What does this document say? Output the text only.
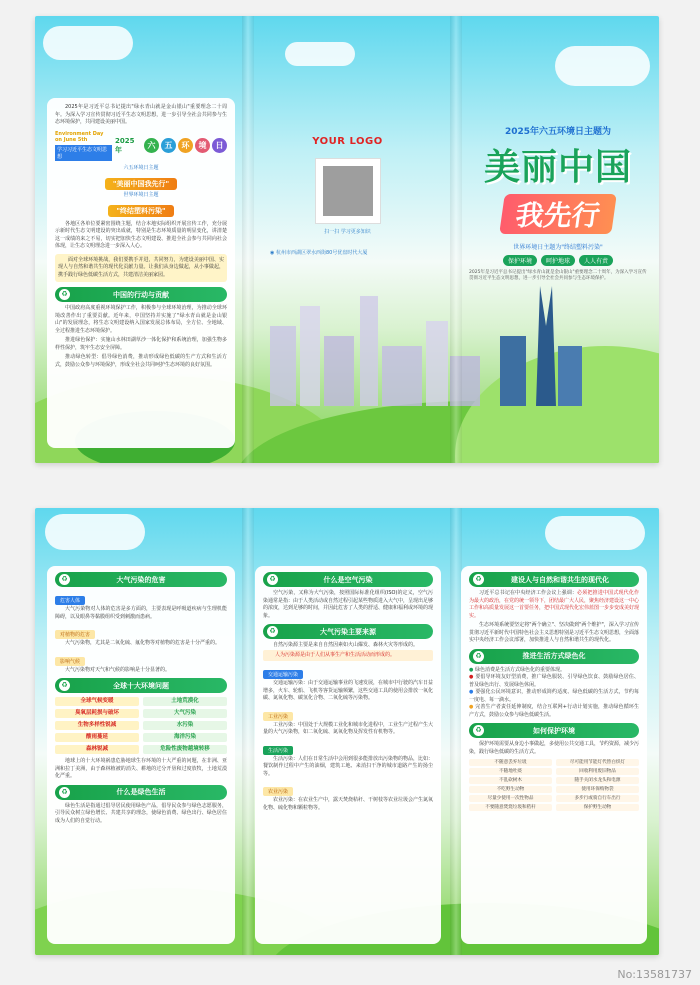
2025年是习近平总书记提出"绿水青山就是金山银山"重要理念二十周年。为深入学习宣传贯彻习近平生态文明思想，进一步引导全社会共同参与生态环境保护，共同建设美丽中国。
Environment Day on June 5th
学习习近平生态文明思想
2025年	六	五	环	境	日
六五环境日主题
"美丽中国我先行"
世界环境日主题
"终结塑料污染"
各地区各单位要紧密围绕主题，结合本地实际组织开展宣传工作，充分展示新时代生态文明建设的突出成就，特别是生态环境质量的明显变化，讲清楚这一成绩的来之不易，切实把加快生态文明建设、推进全社会参与共同向社会体现，让生态文明理念进一步深入人心。
面对全球环境挑战，我们要携手并进，共同努力，为建设美丽中国、实现人与自然和谐共生的现代化贡献力量。让我们从身边做起，从小事做起，携手践行绿色低碳生活方式，共建清洁美丽家园。
♻	中国的行动与贡献
中国政府高度重视环境保护工作，积极参与全球环境治理，为推动全球环境改善作出了重要贡献。近年来，中国坚持并实施了"绿水青山就是金山银山"的发展理念，将生态文明建设纳入国家发展总体布局，全方位、全地域、全过程推进生态环境保护。
推进绿色保护：实施山水林田湖草沙一体化保护和系统治理，加强生物多样性保护，筑牢生态安全屏障。
推动绿色转型：倡导绿色消费，推动形成绿色低碳的生产方式和生活方式，鼓励公众参与环境保护，形成全社会共同呵护生态环境的良好氛围。
YOUR LOGO
扫一扫 学习更多知识
◉ 杭州市西湖区翠水西街80号优盘时代大厦
2025年六五环境日主题为
美丽中国
我先行
世界环境日主题为"终结塑料污染"
保护环境	呵护地球	人人有责
2025年是习近平总书记提出"绿水青山就是金山银山"重要理念二十周年，为深入学习宣传贯彻习近平生态文明思想，进一步引导全社会共同参与生态环境保护。
♻	大气污染的危害
危害人体
大气污染物对人体的危害是多方面的，主要表现是呼吸道疾病与生理机能障碍，以及眼鼻等黏膜组织受到刺激而患病。
对植物的危害
大气污染物，尤其是二氧化硫、氟化物等对植物的危害是十分严重的。
影响气候
大气污染物对天气和气候的影响是十分显著的。
♻	全球十大环境问题
全球气候变暖	土地荒漠化
臭氧层耗损与破坏	大气污染
生物多样性锐减	水污染
酸雨蔓延	海洋污染
森林锐减	危险性废物越境转移
地球上的十大环境祸患危胁地球生存环境的十大严重的问题，在非洲、亚洲和拉丁美洲，由于森林植被的消失、耕地的过分开垦和过度放牧，土地荒漠化严重。
♻	什么是绿色生活
绿色生活是指通过倡导居民使用绿色产品，倡导民众参与绿色志愿服务，引导民众树立绿色增长、共建共享的理念，使绿色消费、绿色出行、绿色居住成为人们的自觉行动。
♻	什么是空气污染
空气污染，又称为大气污染，按照国际标准化组织(ISO)的定义，空气污染通常是指：由于人类活动或自然过程引起某些物质进入大气中，呈现出足够的浓度，达到足够的时间，并因此危害了人类的舒适、健康和福利或环境的现象。
♻	大气污染主要来源
自然污染源主要是来自自然因素如火山爆发、森林火灾等形成的。
人为污染源是由于人们从事生产和生活活动而形成的。
交通运输污染
交通运输污染：由于交通运输事业的飞速发展，在城市中行驶的汽车日益增多，火车、轮船、飞机等客货运输频繁，这些交通工具的使用会排放一氧化碳、氮氧化物、碳氢化合物、二氧化硫等污染物。
工业污染
工业污染：中国处于大规模工业化和城市化进程中，工业生产过程产生大量的大气污染物，如二氧化硫、氮氧化物及挥发性有机物等。
生活污染
生活污染：人们在日常生活中会用到很多能排放出污染物的物品，比如：餐饮制作过程中产生的油烟，建筑工地、来消扫干净的城市道路产生的扬尘等。
农业污染
农业污染：在农业生产中，露天焚烧秸秆、干树枝等农业垃圾会产生氮氧化物、硫化物和颗粒物等。
♻	建设人与自然和谐共生的现代化
习近平总书记在中央经济工作会议上强调：必须把推进中国式现代化作为最大的政治，在党的统一领导下，团结最广大人民，聚焦经济建设这一中心工作和高质量发展这一首要任务，把中国式现代化宏伟蓝图一步步变成美好现实。
生态环境系统要坚定将"两个确立"、坚决做到"两个维护"，深入学习宣传贯彻习近平新时代中国特色社会主义思想特别是习近平生态文明思想，全面落实中央经济工作会议部署，加快推进人与自然和谐共生的现代化。
♻	推进生活方式绿色化
● 绿色消费是生活方式绿色化的重要体现。
● 要倡导环境友好型消费，推广绿色服装、引导绿色饮食、鼓励绿色居住、普及绿色出行、发展绿色休闲。
● 要强化公民环境意识，推动形成简约适度、绿色低碳的生活方式，节约每一度电、每一滴水。
● 完善生产者责任延伸制度，结合互联网+行动计划实施，推动绿色循环生产方式，鼓励公众参与绿色低碳生活。
♻	如何保护环境
保护环境需要从身边小事做起，多使用公共交通工具，节约资源，减少污染，践行绿色低碳的生活方式。
不随意丢弃垃圾	尽可能用节能灯代替白炽灯
不随地吐痰	回收利用废旧物品
不乱砍树木	随手关闭水龙头和电源
不吃野生动物	使用环保购物袋
尽量少使用一次性物品	多步行或骑自行车出行
不要随意焚烧垃圾和秸秆	保护野生动物
No:13581737
